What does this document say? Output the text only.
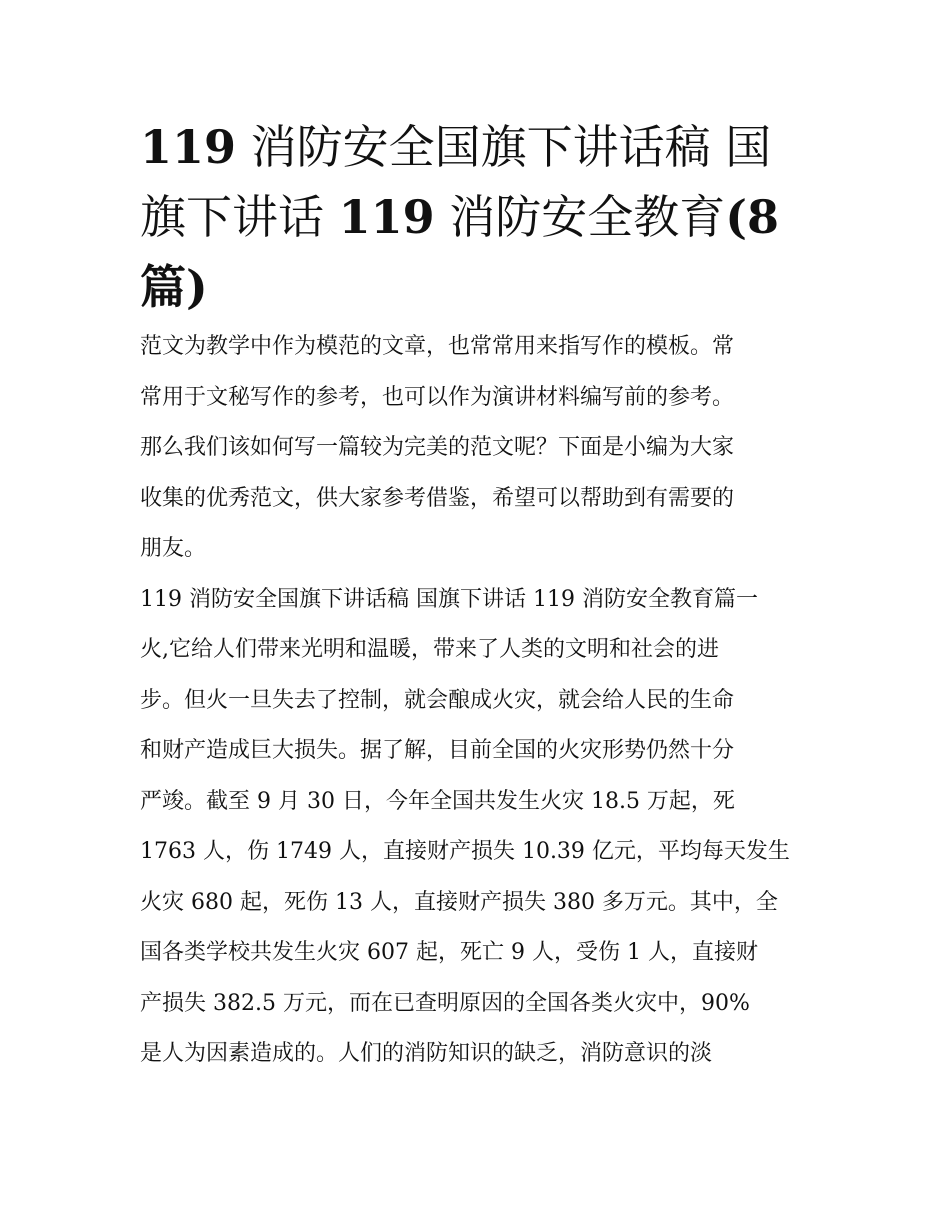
119 消防安全国旗下讲话稿 国
旗下讲话 119 消防安全教育(8
篇)
范文为教学中作为模范的文章，也常常用来指写作的模板。常
常用于文秘写作的参考，也可以作为演讲材料编写前的参考。
那么我们该如何写一篇较为完美的范文呢？下面是小编为大家
收集的优秀范文，供大家参考借鉴，希望可以帮助到有需要的
朋友。
119 消防安全国旗下讲话稿 国旗下讲话 119 消防安全教育篇一
火,它给人们带来光明和温暖，带来了人类的文明和社会的进
步。但火一旦失去了控制，就会酿成火灾，就会给人民的生命
和财产造成巨大损失。据了解，目前全国的火灾形势仍然十分
严竣。截至 9 月 30 日，今年全国共发生火灾 18.5 万起，死
1763 人，伤 1749 人，直接财产损失 10.39 亿元，平均每天发生
火灾 680 起，死伤 13 人，直接财产损失 380 多万元。其中，全
国各类学校共发生火灾 607 起，死亡 9 人，受伤 1 人，直接财
产损失 382.5 万元，而在已查明原因的全国各类火灾中，90%
是人为因素造成的。人们的消防知识的缺乏，消防意识的淡
